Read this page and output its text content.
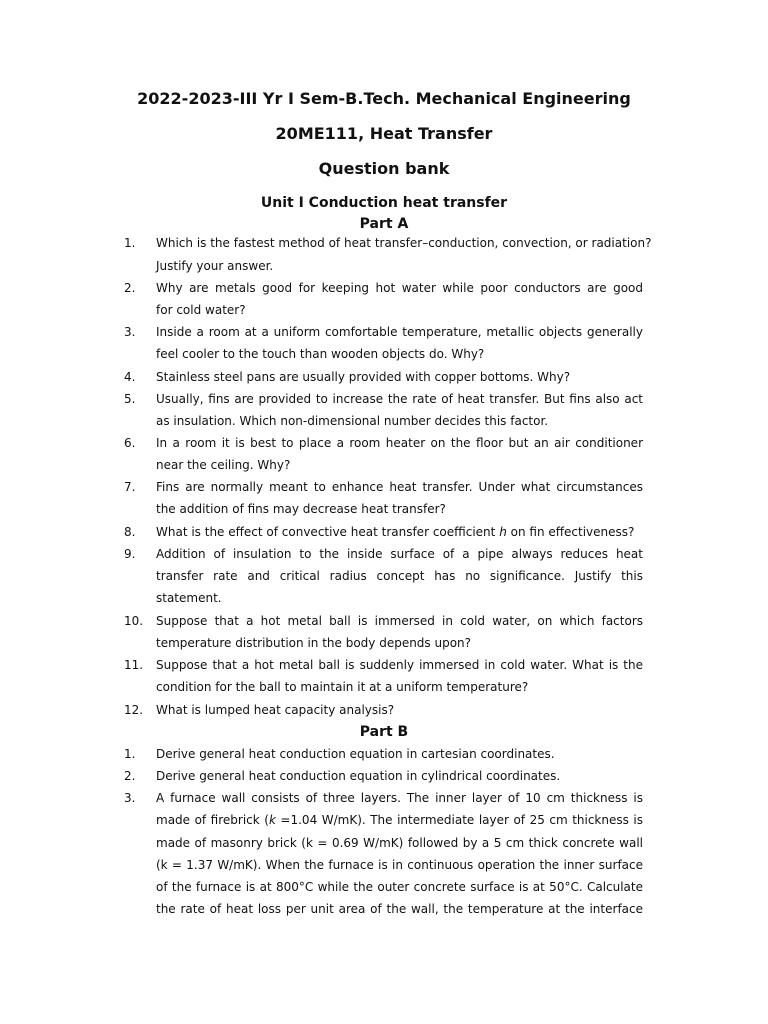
2022-2023-III Yr I Sem-B.Tech. Mechanical Engineering
20ME111, Heat Transfer
Question bank
Unit I Conduction heat transfer
Part A
1. Which is the fastest method of heat transfer–conduction, convection, or radiation?
Justify your answer.
2. Why are metals good for keeping hot water while poor conductors are good
for cold water?
3. Inside a room at a uniform comfortable temperature, metallic objects generally
feel cooler to the touch than wooden objects do. Why?
4. Stainless steel pans are usually provided with copper bottoms. Why?
5. Usually, fins are provided to increase the rate of heat transfer. But fins also act
as insulation. Which non-dimensional number decides this factor.
6. In a room it is best to place a room heater on the floor but an air conditioner
near the ceiling. Why?
7. Fins are normally meant to enhance heat transfer. Under what circumstances
the addition of fins may decrease heat transfer?
8. What is the effect of convective heat transfer coefficient h on fin effectiveness?
9. Addition of insulation to the inside surface of a pipe always reduces heat
transfer rate and critical radius concept has no significance. Justify this
statement.
10. Suppose that a hot metal ball is immersed in cold water, on which factors
temperature distribution in the body depends upon?
11. Suppose that a hot metal ball is suddenly immersed in cold water. What is the
condition for the ball to maintain it at a uniform temperature?
12. What is lumped heat capacity analysis?
Part B
1. Derive general heat conduction equation in cartesian coordinates.
2. Derive general heat conduction equation in cylindrical coordinates.
3. A furnace wall consists of three layers. The inner layer of 10 cm thickness is
made of firebrick (k =1.04 W/mK). The intermediate layer of 25 cm thickness is
made of masonry brick (k = 0.69 W/mK) followed by a 5 cm thick concrete wall
(k = 1.37 W/mK). When the furnace is in continuous operation the inner surface
of the furnace is at 800°C while the outer concrete surface is at 50°C. Calculate
the rate of heat loss per unit area of the wall, the temperature at the interface
